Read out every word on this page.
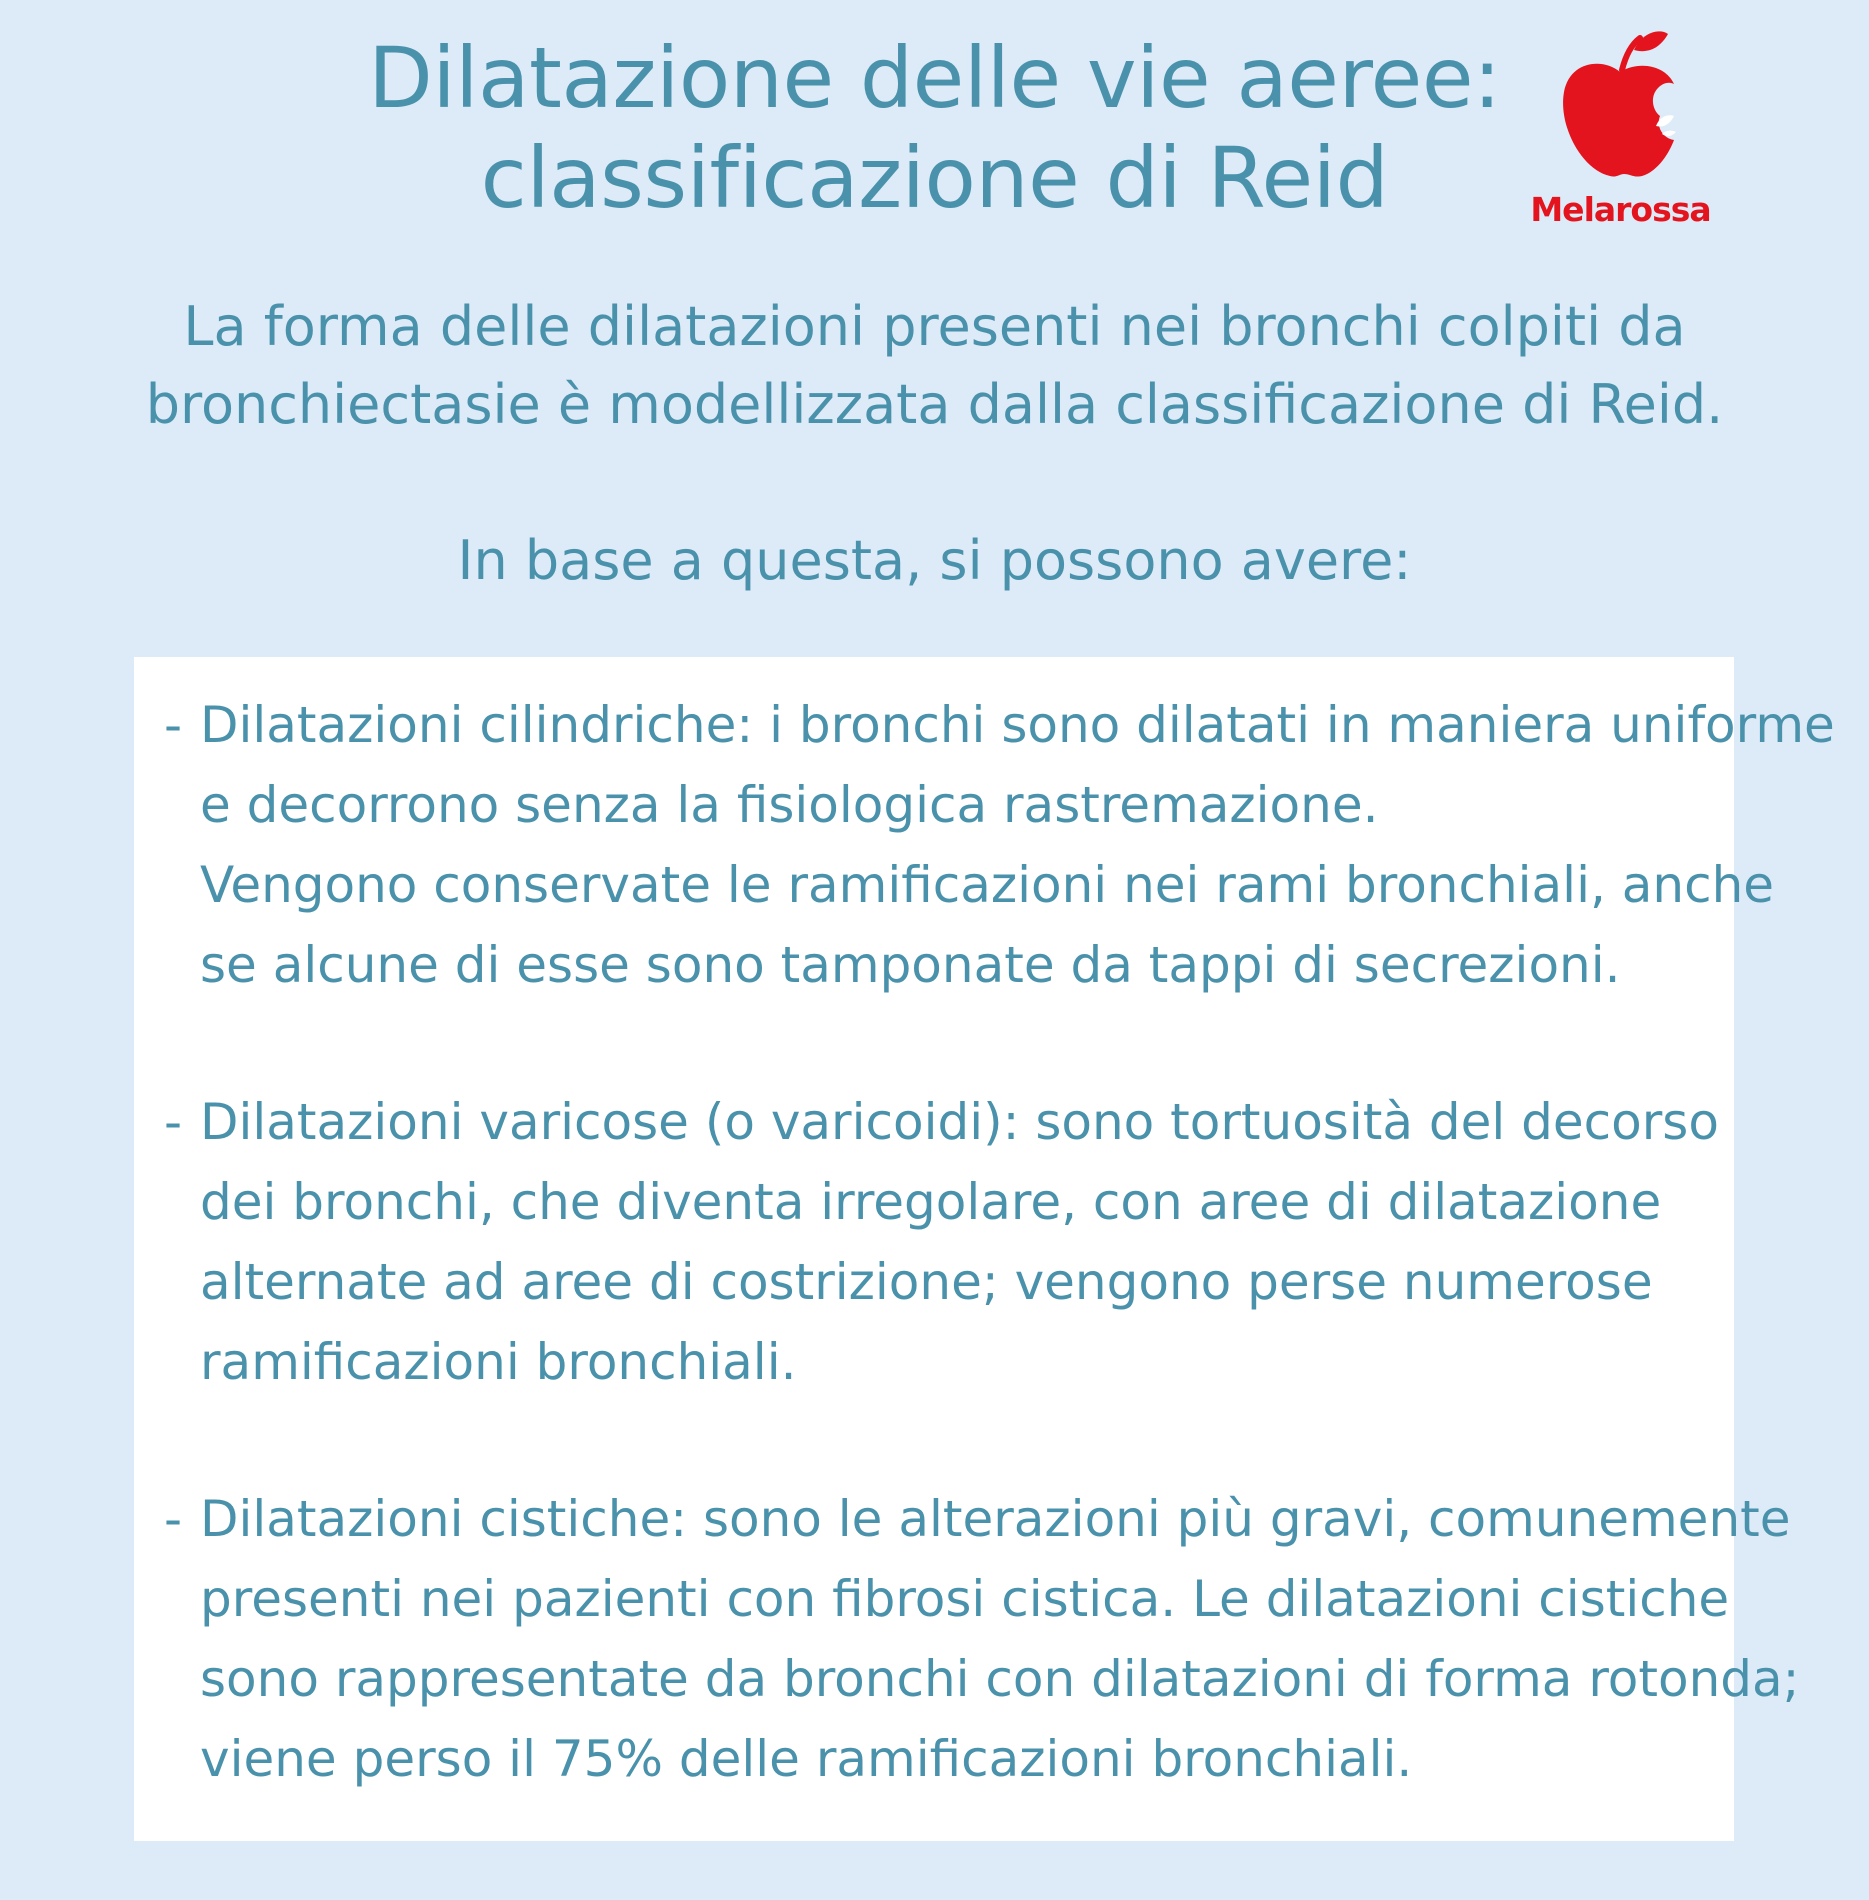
Dilatazione delle vie aeree:
classificazione di Reid	Melarossa
La forma delle dilatazioni presenti nei bronchi colpiti da
bronchiectasie è modellizzata dalla classificazione di Reid.
In base a questa, si possono avere:
- Dilatazioni cilindriche: i bronchi sono dilatati in maniera uniforme
e decorrono senza la fisiologica rastremazione.
Vengono conservate le ramificazioni nei rami bronchiali, anche
se alcune di esse sono tamponate da tappi di secrezioni.
- Dilatazioni varicose (o varicoidi): sono tortuosità del decorso
dei bronchi, che diventa irregolare, con aree di dilatazione
alternate ad aree di costrizione; vengono perse numerose
ramificazioni bronchiali.
- Dilatazioni cistiche: sono le alterazioni più gravi, comunemente
presenti nei pazienti con fibrosi cistica. Le dilatazioni cistiche
sono rappresentate da bronchi con dilatazioni di forma rotonda;
viene perso il 75% delle ramificazioni bronchiali.
